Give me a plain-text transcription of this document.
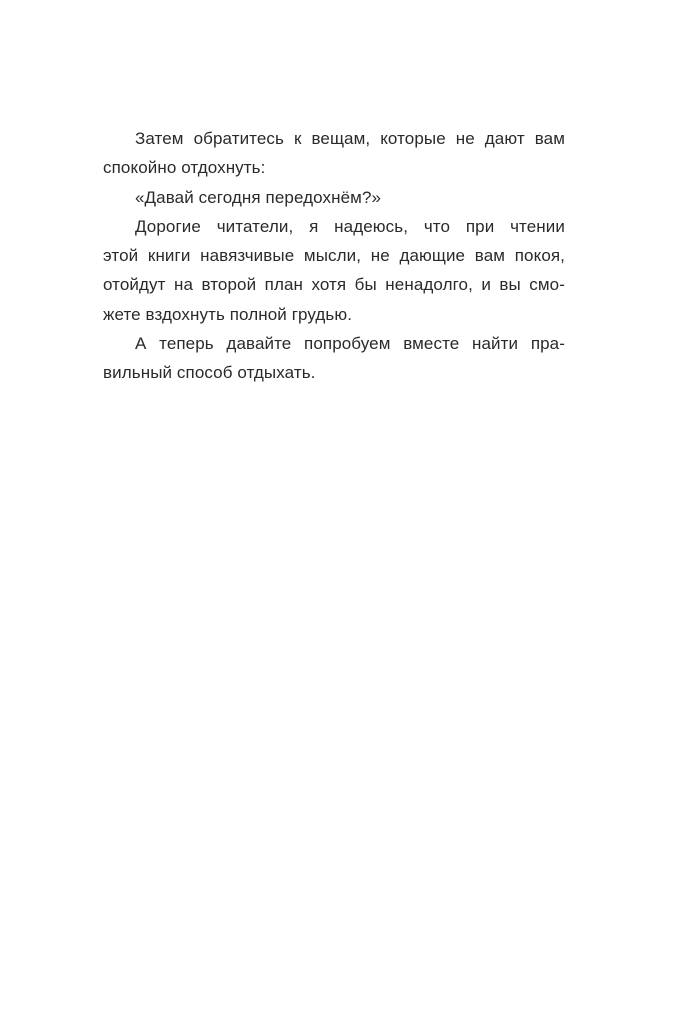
Затем обратитесь к вещам, которые не дают вам
спокойно отдохнуть:
«Давай сегодня передохнём?»
Дорогие читатели, я надеюсь, что при чтении
этой книги навязчивые мысли, не дающие вам покоя,
отойдут на второй план хотя бы ненадолго, и вы смо-
жете вздохнуть полной грудью.
А теперь давайте попробуем вместе найти пра-
вильный способ отдыхать.
